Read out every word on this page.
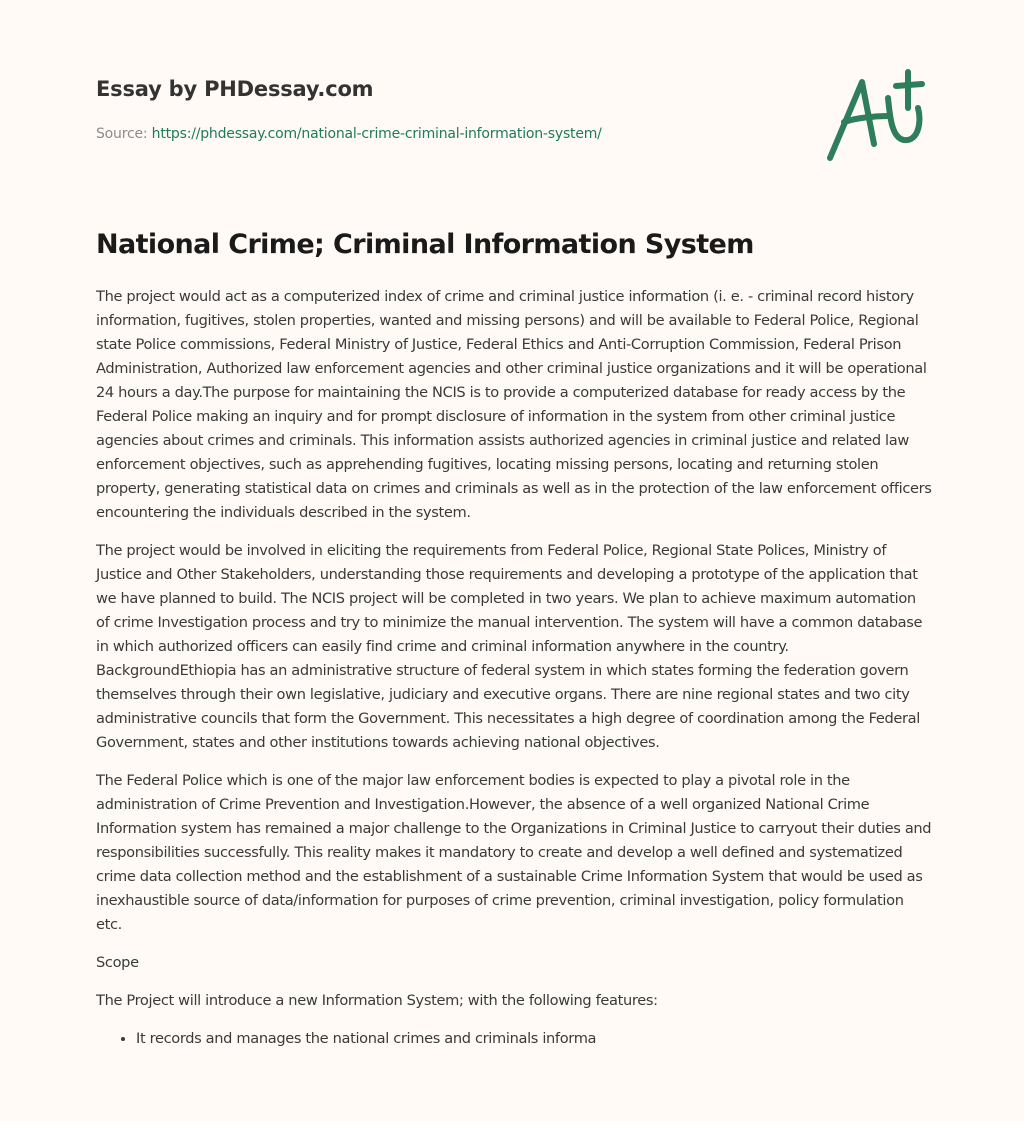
Essay by PHDessay.com
Source: https://phdessay.com/national-crime-criminal-information-system/
National Crime; Criminal Information System

The project would act as a computerized index of crime and criminal justice information (i. e. - criminal record history information, fugitives, stolen properties, wanted and missing persons) and will be available to Federal Police, Regional state Police commissions, Federal Ministry of Justice, Federal Ethics and Anti-Corruption Commission, Federal Prison Administration, Authorized law enforcement agencies and other criminal justice organizations and it will be operational 24 hours a day.The purpose for maintaining the NCIS is to provide a computerized database for ready access by the Federal Police making an inquiry and for prompt disclosure of information in the system from other criminal justice agencies about crimes and criminals. This information assists authorized agencies in criminal justice and related law enforcement objectives, such as apprehending fugitives, locating missing persons, locating and returning stolen property, generating statistical data on crimes and criminals as well as in the protection of the law enforcement officers encountering the individuals described in the system.

The project would be involved in eliciting the requirements from Federal Police, Regional State Polices, Ministry of Justice and Other Stakeholders, understanding those requirements and developing a prototype of the application that we have planned to build. The NCIS project will be completed in two years. We plan to achieve maximum automation of crime Investigation process and try to minimize the manual intervention. The system will have a common database in which authorized officers can easily find crime and criminal information anywhere in the country. BackgroundEthiopia has an administrative structure of federal system in which states forming the federation govern themselves through their own legislative, judiciary and executive organs. There are nine regional states and two city administrative councils that form the Government. This necessitates a high degree of coordination among the Federal Government, states and other institutions towards achieving national objectives.

The Federal Police which is one of the major law enforcement bodies is expected to play a pivotal role in the administration of Crime Prevention and Investigation.However, the absence of a well organized National Crime Information system has remained a major challenge to the Organizations in Criminal Justice to carryout their duties and responsibilities successfully. This reality makes it mandatory to create and develop a well defined and systematized crime data collection method and the establishment of a sustainable Crime Information System that would be used as inexhaustible source of data/information for purposes of crime prevention, criminal investigation, policy formulation etc.

Scope

The Project will introduce a new Information System; with the following features:

• It records and manages the national crimes and criminals informa
